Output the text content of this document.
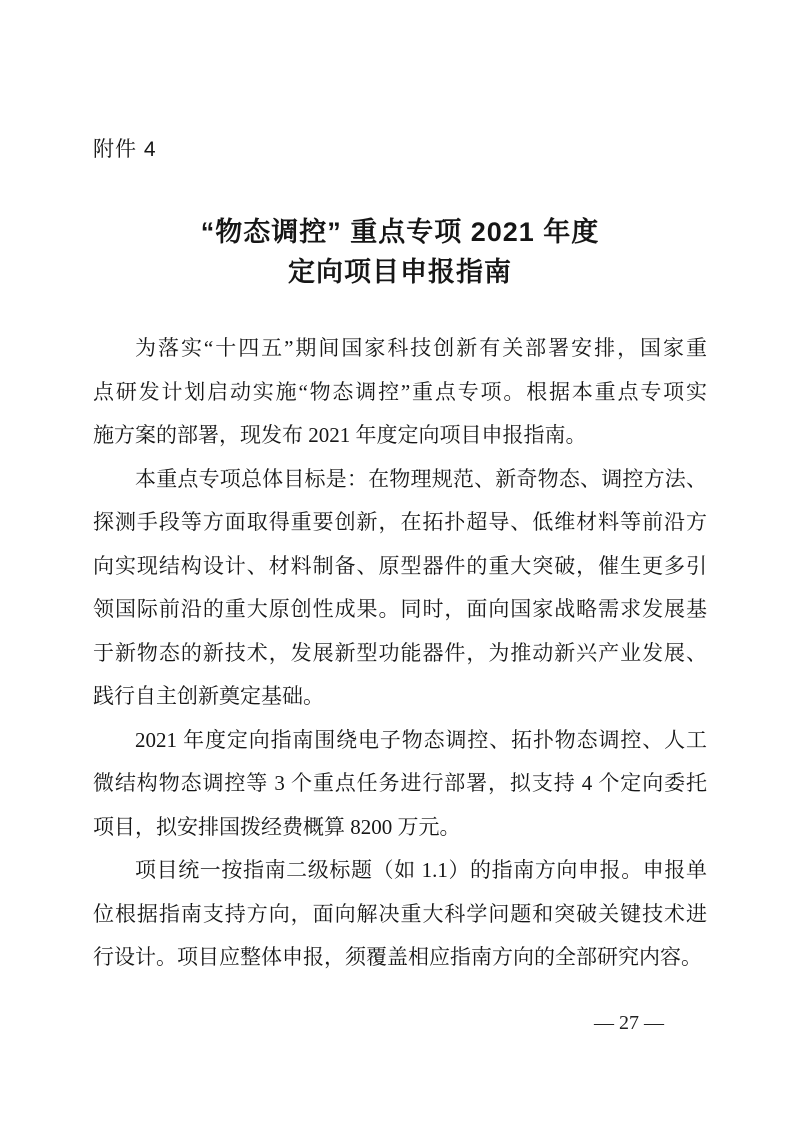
附件 4
“物态调控” 重点专项 2021 年度
定向项目申报指南
为落实“十四五”期间国家科技创新有关部署安排，国家重
点研发计划启动实施“物态调控”重点专项。根据本重点专项实
施方案的部署，现发布 2021 年度定向项目申报指南。
本重点专项总体目标是：在物理规范、新奇物态、调控方法、
探测手段等方面取得重要创新，在拓扑超导、低维材料等前沿方
向实现结构设计、材料制备、原型器件的重大突破，催生更多引
领国际前沿的重大原创性成果。同时，面向国家战略需求发展基
于新物态的新技术，发展新型功能器件，为推动新兴产业发展、
践行自主创新奠定基础。
2021 年度定向指南围绕电子物态调控、拓扑物态调控、人工
微结构物态调控等 3 个重点任务进行部署，拟支持 4 个定向委托
项目，拟安排国拨经费概算 8200 万元。
项目统一按指南二级标题（如 1.1）的指南方向申报。申报单
位根据指南支持方向，面向解决重大科学问题和突破关键技术进
行设计。项目应整体申报，须覆盖相应指南方向的全部研究内容。
— 27 —
